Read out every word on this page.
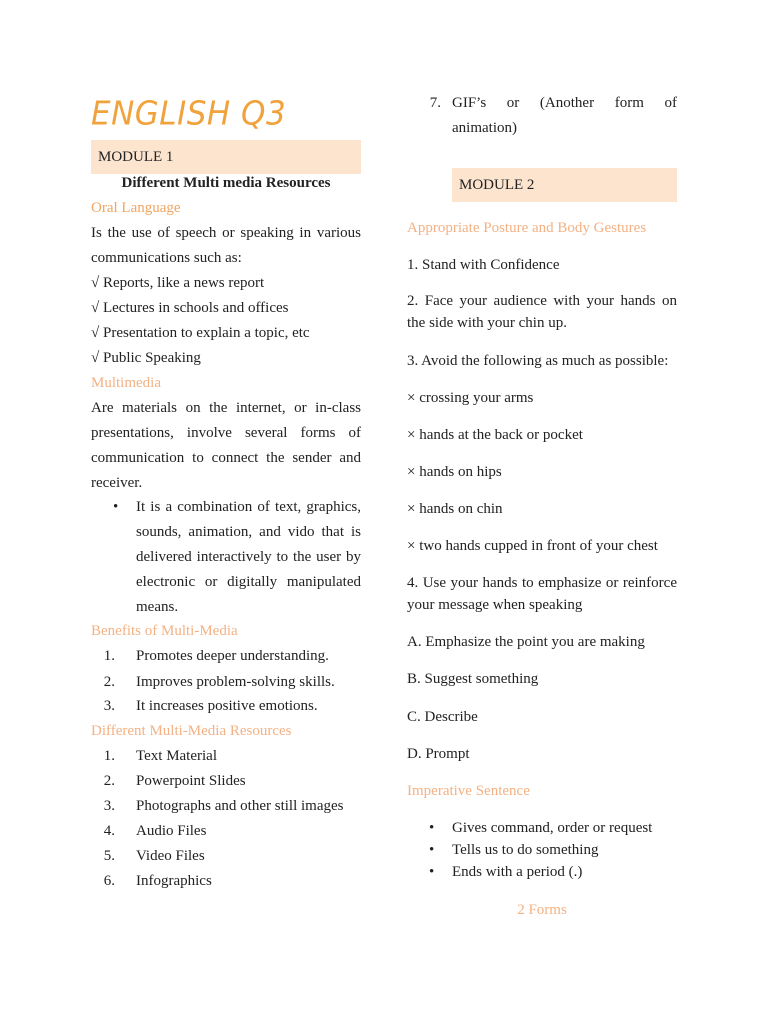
ENGLISH Q3
MODULE 1
Different Multi media Resources
Oral Language
Is the use of speech or speaking in various communications such as:
√ Reports, like a news report
√ Lectures in schools and offices
√ Presentation to explain a topic, etc
√ Public Speaking
Multimedia
Are materials on the internet, or in-class presentations, involve several forms of communication to connect the sender and receiver.
• It is a combination of text, graphics, sounds, animation, and vido that is delivered interactively to the user by electronic or digitally manipulated means.
Benefits of Multi-Media
1. Promotes deeper understanding.
2. Improves problem-solving skills.
3. It increases positive emotions.
Different Multi-Media Resources
1. Text Material
2. Powerpoint Slides
3. Photographs and other still images
4. Audio Files
5. Video Files
6. Infographics
7. GIF’s or (Another form of animation)
MODULE 2
Appropriate Posture and Body Gestures
1. Stand with Confidence
2. Face your audience with your hands on the side with your chin up.
3. Avoid the following as much as possible:
× crossing your arms
× hands at the back or pocket
× hands on hips
× hands on chin
× two hands cupped in front of your chest
4. Use your hands to emphasize or reinforce your message when speaking
A. Emphasize the point you are making
B. Suggest something
C. Describe
D. Prompt
Imperative Sentence
• Gives command, order or request
• Tells us to do something
• Ends with a period (.)
2 Forms
